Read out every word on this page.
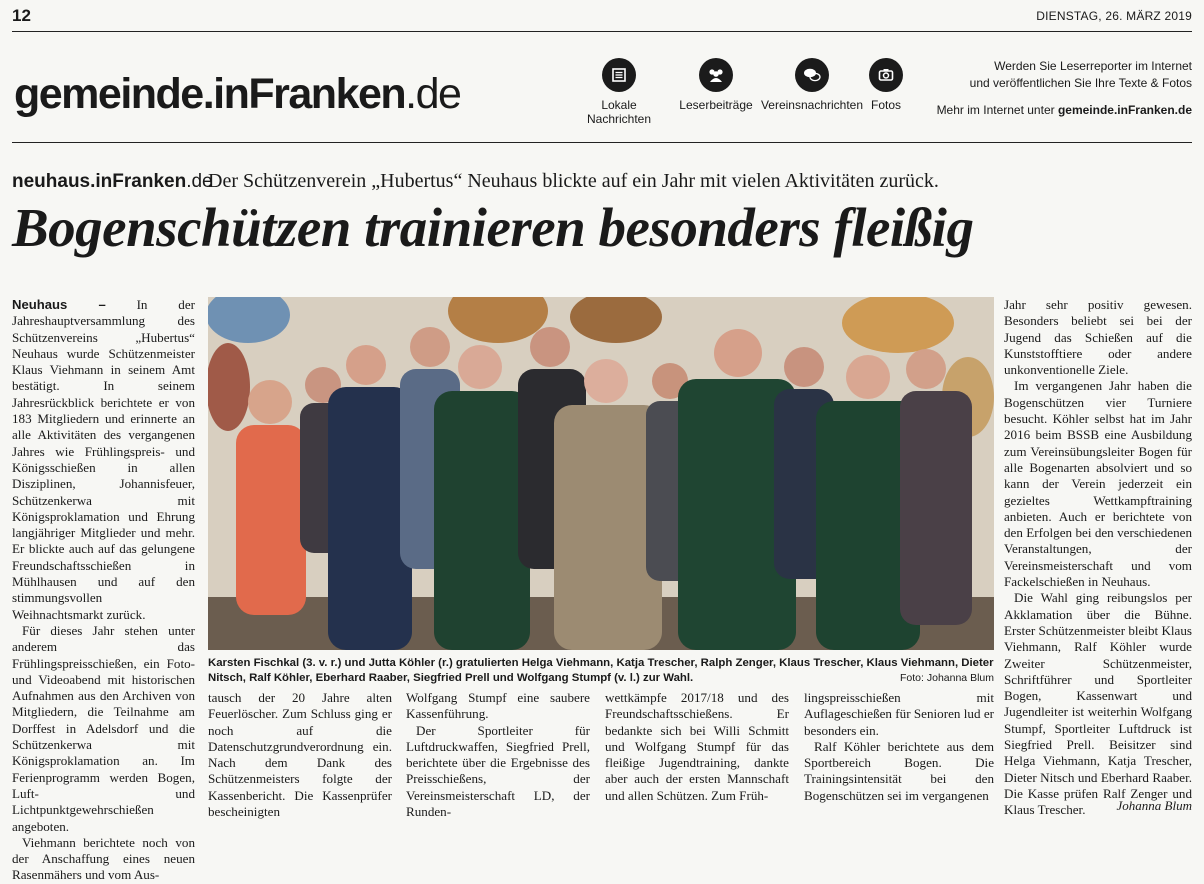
12	DIENSTAG, 26. MÄRZ 2019
gemeinde.inFranken.de	Lokale Nachrichten
Leserbeiträge Vereinsnachrichten Fotos
Werden Sie Leserreporter im Internet
und veröffentlichen Sie Ihre Texte & Fotos
Mehr im Internet unter gemeinde.inFranken.de
neuhaus.inFranken.de
Der Schützenverein „Hubertus“ Neuhaus blickte auf ein Jahr mit vielen Aktivitäten zurück.
Bogenschützen trainieren besonders fleißig

Neuhaus – In der Jahreshauptversammlung des Schützenvereins „Hubertus“ Neuhaus wurde Schützenmeister Klaus Viehmann in seinem Amt bestätigt. In seinem Jahresrückblick berichtete er von 183 Mitgliedern und erinnerte an alle Aktivitäten des vergangenen Jahres wie Frühlingspreis- und Königsschießen in allen Disziplinen, Johannisfeuer, Schützenkerwa mit Königsproklamation und Ehrung langjähriger Mitglieder und mehr. Er blickte auch auf das gelungene Freundschaftsschießen in Mühlhausen und auf den stimmungsvollen Weihnachtsmarkt zurück.

Für dieses Jahr stehen unter anderem das Frühlingspreisschießen, ein Foto- und Videoabend mit historischen Aufnahmen aus den Archiven von Mitgliedern, die Teilnahme am Dorffest in Adelsdorf und die Schützenkerwa mit Königsproklamation an. Im Ferienprogramm werden Bogen, Luft- und Lichtpunktgewehrschießen angeboten.

Viehmann berichtete noch von der Anschaffung eines neuen Rasenmähers und vom Aus-

Karsten Fischkal (3. v. r.) und Jutta Köhler (r.) gratulierten Helga Viehmann, Katja Trescher, Ralph Zenger, Klaus Trescher, Klaus Viehmann, Dieter Nitsch, Ralf Köhler, Eberhard Raaber, Siegfried Prell und Wolfgang Stumpf (v. l.) zur Wahl.	Foto: Johanna Blum

tausch der 20 Jahre alten Feuerlöscher. Zum Schluss ging er noch auf die Datenschutzgrundverordnung ein. Nach dem Dank des Schützenmeisters folgte der Kassenbericht. Die Kassenprüfer bescheinigten

Wolfgang Stumpf eine saubere Kassenführung.

Der Sportleiter für Luftdruckwaffen, Siegfried Prell, berichtete über die Ergebnisse des Preisschießens, der Vereinsmeisterschaft LD, der Runden-

wettkämpfe 2017/18 und des Freundschaftsschießens. Er bedankte sich bei Willi Schmitt und Wolfgang Stumpf für das fleißige Jugendtraining, dankte aber auch der ersten Mannschaft und allen Schützen. Zum Früh-

lingspreisschießen mit Auflageschießen für Senioren lud er besonders ein.

Ralf Köhler berichtete aus dem Sportbereich Bogen. Die Trainingsintensität bei den Bogenschützen sei im vergangenen

Jahr sehr positiv gewesen. Besonders beliebt sei bei der Jugend das Schießen auf die Kunststofftiere oder andere unkonventionelle Ziele.

Im vergangenen Jahr haben die Bogenschützen vier Turniere besucht. Köhler selbst hat im Jahr 2016 beim BSSB eine Ausbildung zum Vereinsübungsleiter Bogen für alle Bogenarten absolviert und so kann der Verein jederzeit ein gezieltes Wettkampftraining anbieten. Auch er berichtete von den Erfolgen bei den verschiedenen Veranstaltungen, der Vereinsmeisterschaft und vom Fackelschießen in Neuhaus.

Die Wahl ging reibungslos per Akklamation über die Bühne. Erster Schützenmeister bleibt Klaus Viehmann, Ralf Köhler wurde Zweiter Schützenmeister, Schriftführer und Sportleiter Bogen, Kassenwart und Jugendleiter ist weiterhin Wolfgang Stumpf, Sportleiter Luftdruck ist Siegfried Prell. Beisitzer sind Helga Viehmann, Katja Trescher, Dieter Nitsch und Eberhard Raaber. Die Kasse prüfen Ralf Zenger und Klaus Trescher.	Johanna Blum
